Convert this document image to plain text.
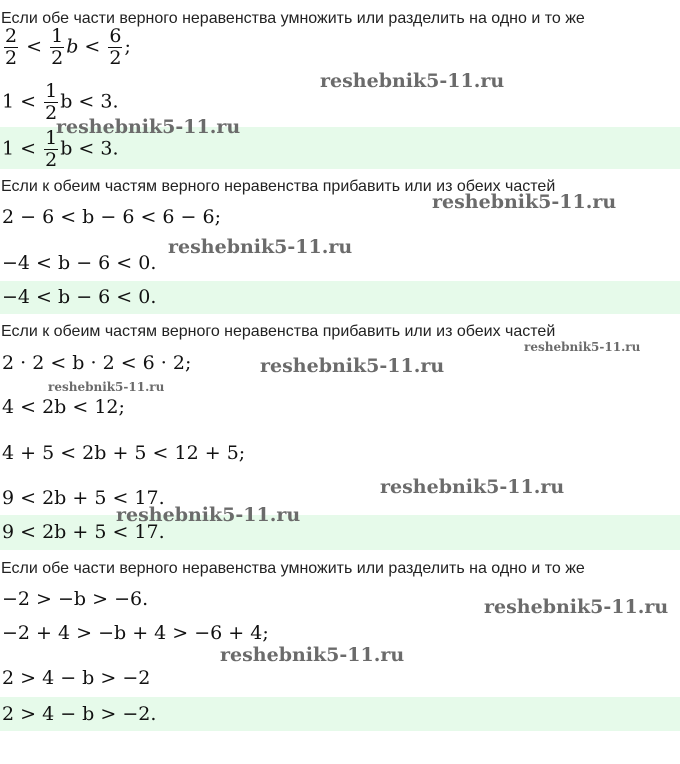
Если обе части верного неравенства умножить или разделить на одно и то же
$\frac{2}{2} < \frac{1}{2}$ $b < \frac{6}{2}$ ;
$1 < \frac{1}{2}$ b < 3.
$1 < \frac{1}{2}$ b < 3.
Если к обеим частям верного неравенства прибавить или из обеих частей
2 − 6 < b − 6 < 6 − 6;
−4 < b − 6 < 0.
−4 < b − 6 < 0.
Если к обеим частям верного неравенства прибавить или из обеих частей
2 · 2 < b · 2 < 6 · 2;
4 < 2b < 12;
4 + 5 < 2b + 5 < 12 + 5;
9 < 2b + 5 < 17.
9 < 2b + 5 < 17.
Если обе части верного неравенства умножить или разделить на одно и то же
−2 > −b > −6.
−2 + 4 > −b + 4 > −6 + 4;
2 > 4 − b > −2
2 > 4 − b > −2.
reshebnik5-11.ru
reshebnik5-11.ru
reshebnik5-11.ru
reshebnik5-11.ru
reshebnik5-11.ru
reshebnik5-11.ru
reshebnik5-11.ru
reshebnik5-11.ru
reshebnik5-11.ru
reshebnik5-11.ru
reshebnik5-11.ru
